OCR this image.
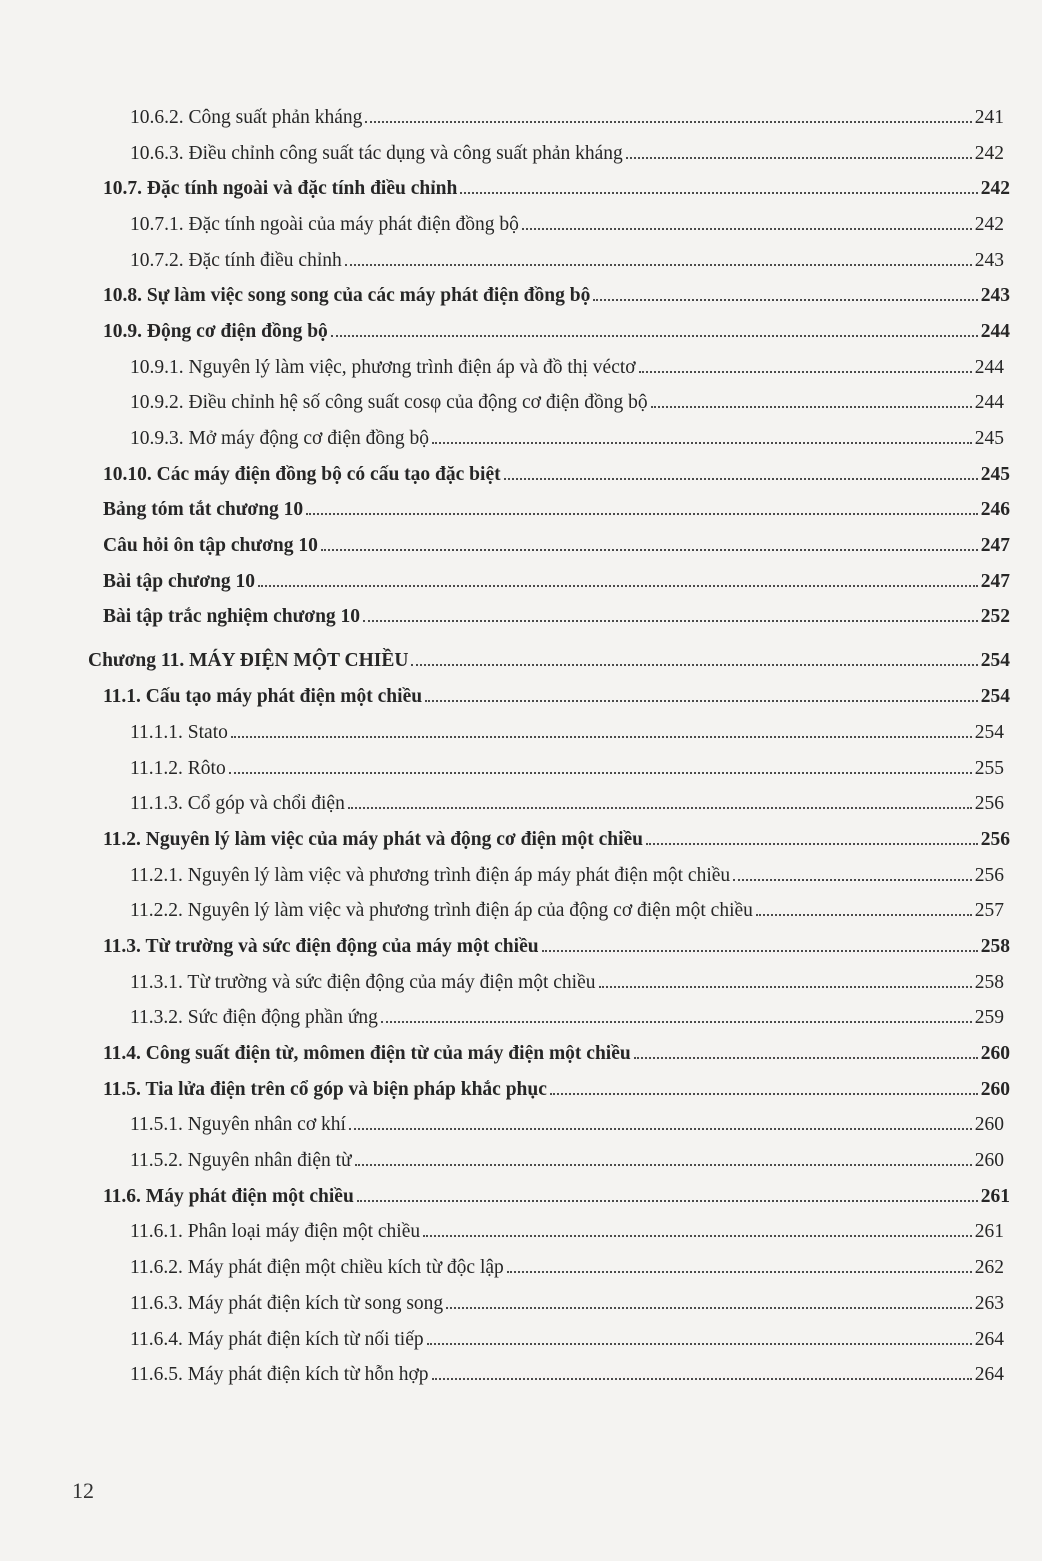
10.6.2. Công suất phản kháng	241
10.6.3. Điều chỉnh công suất tác dụng và công suất phản kháng	242
10.7. Đặc tính ngoài và đặc tính điều chỉnh	242
10.7.1. Đặc tính ngoài của máy phát điện đồng bộ	242
10.7.2. Đặc tính điều chỉnh	243
10.8. Sự làm việc song song của các máy phát điện đồng bộ	243
10.9. Động cơ điện đồng bộ	244
10.9.1. Nguyên lý làm việc, phương trình điện áp và đồ thị véctơ	244
10.9.2. Điều chỉnh hệ số công suất cosφ của động cơ điện đồng bộ	244
10.9.3. Mở máy động cơ điện đồng bộ	245
10.10. Các máy điện đồng bộ có cấu tạo đặc biệt	245
Bảng tóm tắt chương 10	246
Câu hỏi ôn tập chương 10	247
Bài tập chương 10	247
Bài tập trắc nghiệm chương 10	252
Chương 11. MÁY ĐIỆN MỘT CHIỀU	254
11.1. Cấu tạo máy phát điện một chiều	254
11.1.1. Stato	254
11.1.2. Rôto	255
11.1.3. Cổ góp và chổi điện	256
11.2. Nguyên lý làm việc của máy phát và động cơ điện một chiều	256
11.2.1. Nguyên lý làm việc và phương trình điện áp máy phát điện một chiều	256
11.2.2. Nguyên lý làm việc và phương trình điện áp của động cơ điện một chiều	257
11.3. Từ trường và sức điện động của máy một chiều	258
11.3.1. Từ trường và sức điện động của máy điện một chiều	258
11.3.2. Sức điện động phần ứng	259
11.4. Công suất điện từ, mômen điện từ của máy điện một chiều	260
11.5. Tia lửa điện trên cổ góp và biện pháp khắc phục	260
11.5.1. Nguyên nhân cơ khí	260
11.5.2. Nguyên nhân điện từ	260
11.6. Máy phát điện một chiều	261
11.6.1. Phân loại máy điện một chiều	261
11.6.2. Máy phát điện một chiều kích từ độc lập	262
11.6.3. Máy phát điện kích từ song song	263
11.6.4. Máy phát điện kích từ nối tiếp	264
11.6.5. Máy phát điện kích từ hỗn hợp	264
12
